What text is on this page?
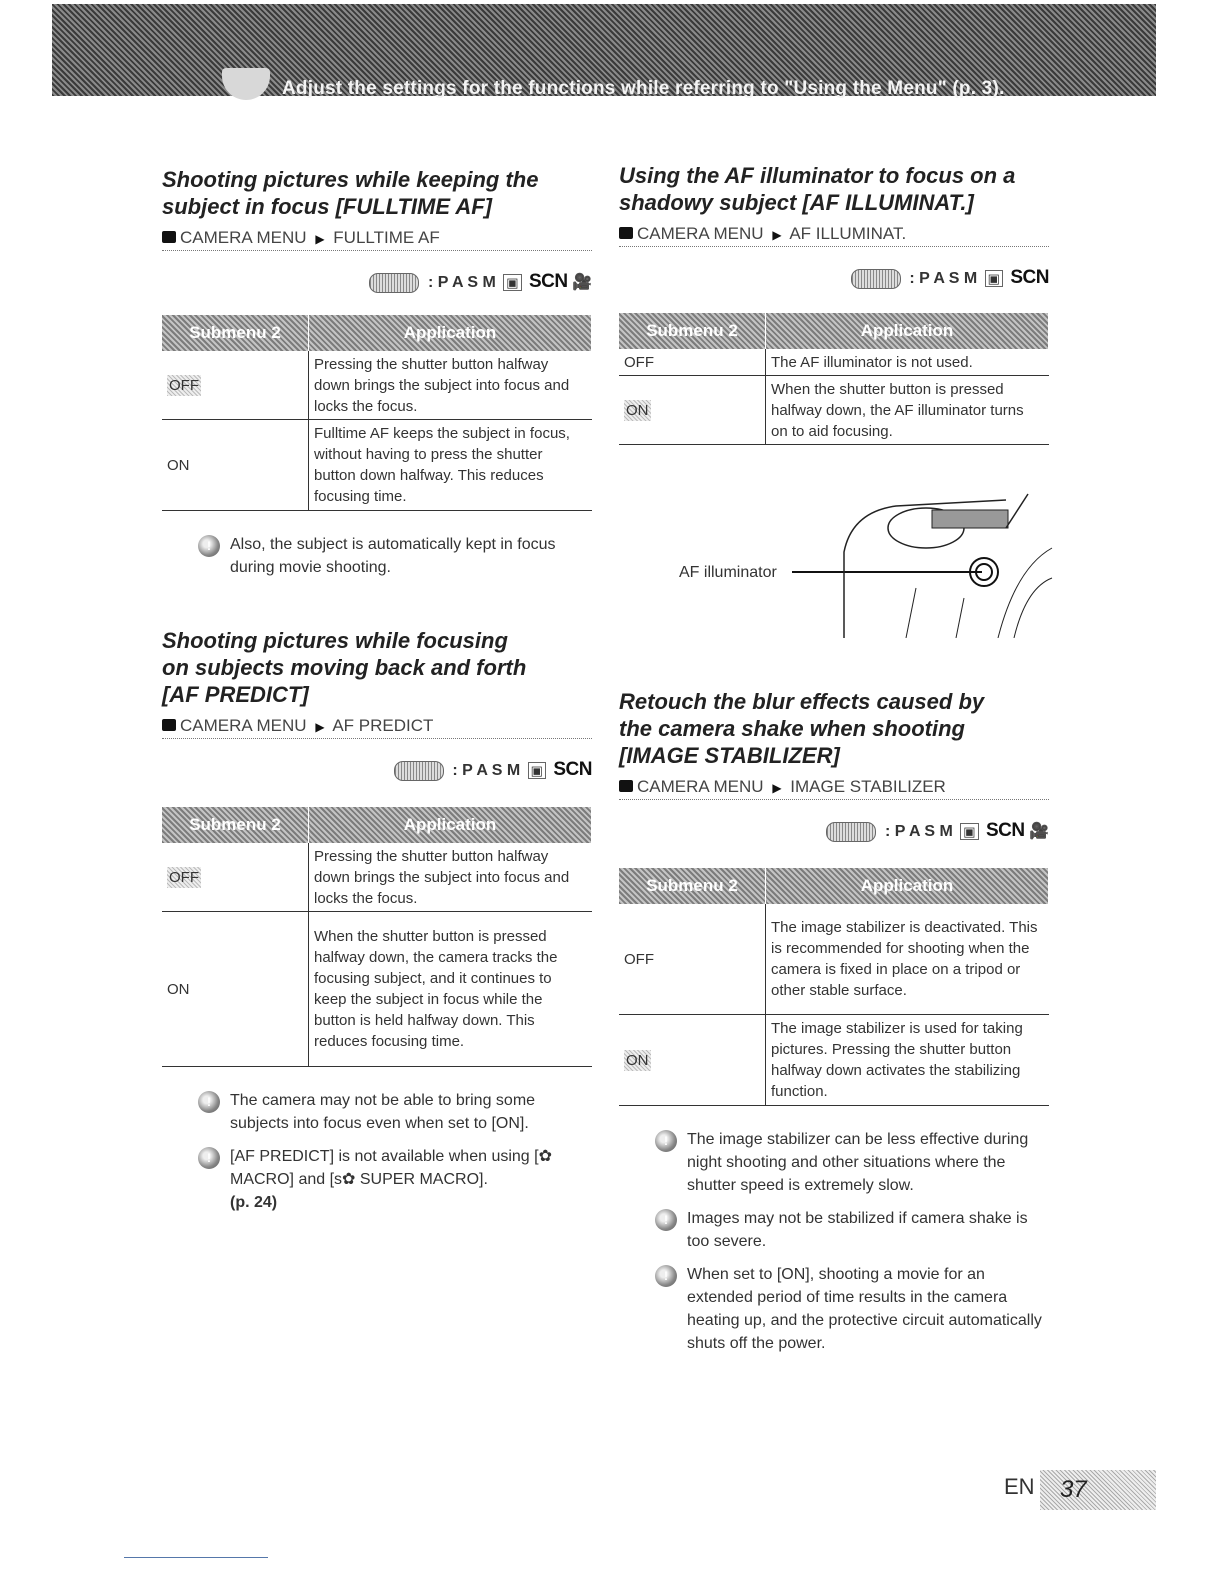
Adjust the settings for the functions while referring to "Using the Menu" (p. 3).

Shooting pictures while keeping the

subject in focus [FULLTIME AF]

CAMERA MENU ▶ FULLTIME AF
: P A S M ▣ SCN 🎥
Submenu 2	Application
OFF	Pressing the shutter button halfway down brings the subject into focus and locks the focus.
ON	Fulltime AF keeps the subject in focus, without having to press the shutter button down halfway. This reduces focusing time.
!	Also, the subject is automatically kept in focus during movie shooting.

Shooting pictures while focusing

on subjects moving back and forth

[AF PREDICT]

CAMERA MENU ▶ AF PREDICT
: P A S M ▣ SCN
Submenu 2	Application
OFF	Pressing the shutter button halfway down brings the subject into focus and locks the focus.
ON	When the shutter button is pressed halfway down, the camera tracks the focusing subject, and it continues to keep the subject in focus while the button is held halfway down. This reduces focusing time.
!	The camera may not be able to bring some subjects into focus even when set to [ON].
!	[AF PREDICT] is not available when using [✿ MACRO] and [s✿ SUPER MACRO].
(p. 24)

Using the AF illuminator to focus on a

shadowy subject [AF ILLUMINAT.]

CAMERA MENU ▶ AF ILLUMINAT.
: P A S M ▣ SCN
Submenu 2	Application
OFF	The AF illuminator is not used.
ON	When the shutter button is pressed halfway down, the AF illuminator turns on to aid focusing.
AF illuminator

Retouch the blur effects caused by

the camera shake when shooting

[IMAGE STABILIZER]

CAMERA MENU ▶ IMAGE STABILIZER
: P A S M ▣ SCN 🎥
Submenu 2	Application
OFF	The image stabilizer is deactivated. This is recommended for shooting when the camera is fixed in place on a tripod or other stable surface.
ON	The image stabilizer is used for taking pictures. Pressing the shutter button halfway down activates the stabilizing function.
!	The image stabilizer can be less effective during night shooting and other situations where the shutter speed is extremely slow.
!	Images may not be stabilized if camera shake is too severe.
!	When set to [ON], shooting a movie for an extended period of time results in the camera heating up, and the protective circuit automatically shuts off the power.
EN 37
